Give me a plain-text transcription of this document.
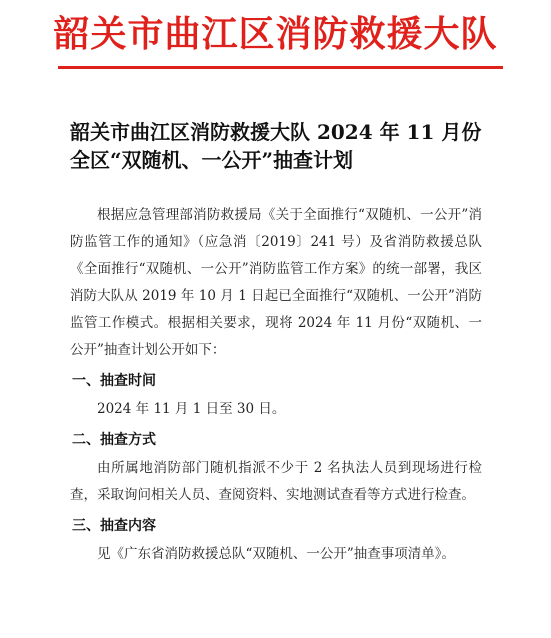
韶关市曲江区消防救援大队
韶关市曲江区消防救援大队 2024 年 11 月份全区“双随机、一公开”抽查计划

根据应急管理部消防救援局《关于全面推行“双随机、一公开”消防监管工作的通知》（应急消〔2019〕241 号）及省消防救援总队《全面推行“双随机、一公开”消防监管工作方案》的统一部署，我区消防大队从 2019 年 10 月 1 日起已全面推行“双随机、一公开”消防监管工作模式。根据相关要求，现将 2024 年 11 月份“双随机、一公开”抽查计划公开如下：

一、抽查时间

2024 年 11 月 1 日至 30 日。

二、抽查方式

由所属地消防部门随机指派不少于 2 名执法人员到现场进行检查，采取询问相关人员、查阅资料、实地测试查看等方式进行检查。

三、抽查内容

见《广东省消防救援总队“双随机、一公开”抽查事项清单》。
